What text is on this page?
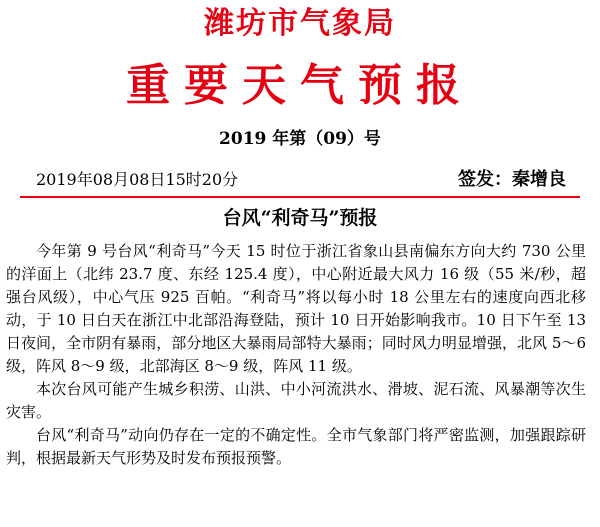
潍坊市气象局
重要天气预报
2019 年第（09）号
2019年08月08日15时20分	签发：秦增良
台风“利奇马”预报

今年第 9 号台风“利奇马”今天 15 时位于浙江省象山县南偏东方向大约 730 公里的洋面上（北纬 23.7 度、东经 125.4 度），中心附近最大风力 16 级（55 米/秒，超强台风级），中心气压 925 百帕。“利奇马”将以每小时 18 公里左右的速度向西北移动，于 10 日白天在浙江中北部沿海登陆，预计 10 日开始影响我市。10 日下午至 13 日夜间，全市阴有暴雨，部分地区大暴雨局部特大暴雨；同时风力明显增强，北风 5～6 级，阵风 8～9 级，北部海区 8～9 级，阵风 11 级。

本次台风可能产生城乡积涝、山洪、中小河流洪水、滑坡、泥石流、风暴潮等次生灾害。

台风“利奇马”动向仍存在一定的不确定性。全市气象部门将严密监测，加强跟踪研判，根据最新天气形势及时发布预报预警。
